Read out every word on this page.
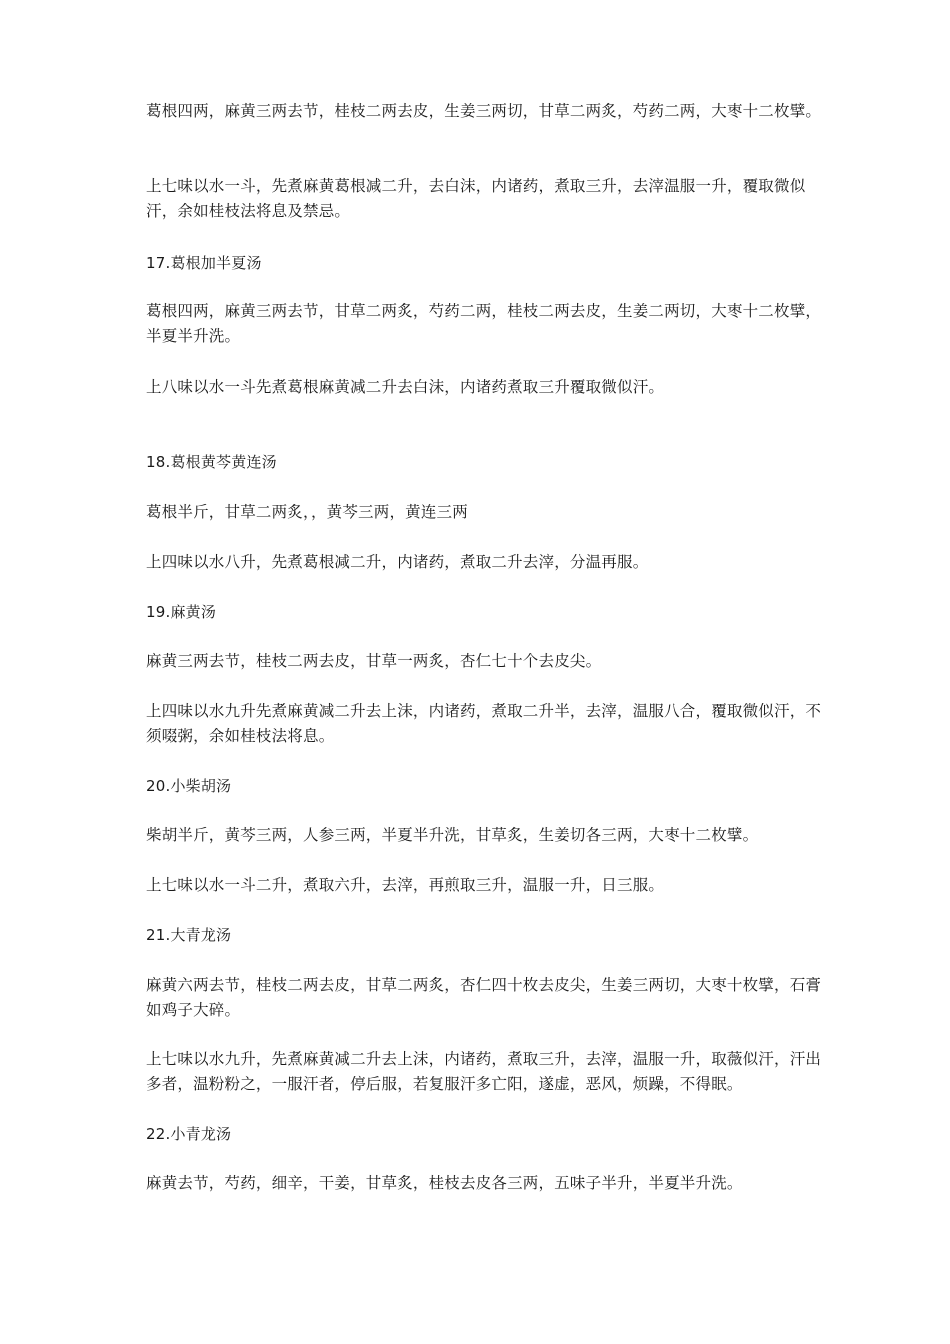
葛根四两，麻黄三两去节，桂枝二两去皮，生姜三两切，甘草二两炙，芍药二两，大枣十二枚擘。

上七味以水一斗，先煮麻黄葛根减二升，去白沫，内诸药，煮取三升，去滓温服一升，覆取微似汗，余如桂枝法将息及禁忌。

17.葛根加半夏汤

葛根四两，麻黄三两去节，甘草二两炙，芍药二两，桂枝二两去皮，生姜二两切，大枣十二枚擘，半夏半升洗。

上八味以水一斗先煮葛根麻黄减二升去白沫，内诸药煮取三升覆取微似汗。

18.葛根黄芩黄连汤

葛根半斤，甘草二两炙，，黄芩三两，黄连三两

上四味以水八升，先煮葛根减二升，内诸药，煮取二升去滓，分温再服。

19.麻黄汤

麻黄三两去节，桂枝二两去皮，甘草一两炙，杏仁七十个去皮尖。

上四味以水九升先煮麻黄减二升去上沫，内诸药，煮取二升半，去滓，温服八合，覆取微似汗，不须啜粥，余如桂枝法将息。

20.小柴胡汤

柴胡半斤，黄芩三两，人参三两，半夏半升洗，甘草炙，生姜切各三两，大枣十二枚擘。

上七味以水一斗二升，煮取六升，去滓，再煎取三升，温服一升，日三服。

21.大青龙汤

麻黄六两去节，桂枝二两去皮，甘草二两炙，杏仁四十枚去皮尖，生姜三两切，大枣十枚擘，石膏如鸡子大碎。

上七味以水九升，先煮麻黄减二升去上沫，内诸药，煮取三升，去滓，温服一升，取薇似汗，汗出多者，温粉粉之，一服汗者，停后服，若复服汗多亡阳，遂虚，恶风，烦躁，不得眠。

22.小青龙汤

麻黄去节，芍药，细辛，干姜，甘草炙，桂枝去皮各三两，五味子半升，半夏半升洗。
